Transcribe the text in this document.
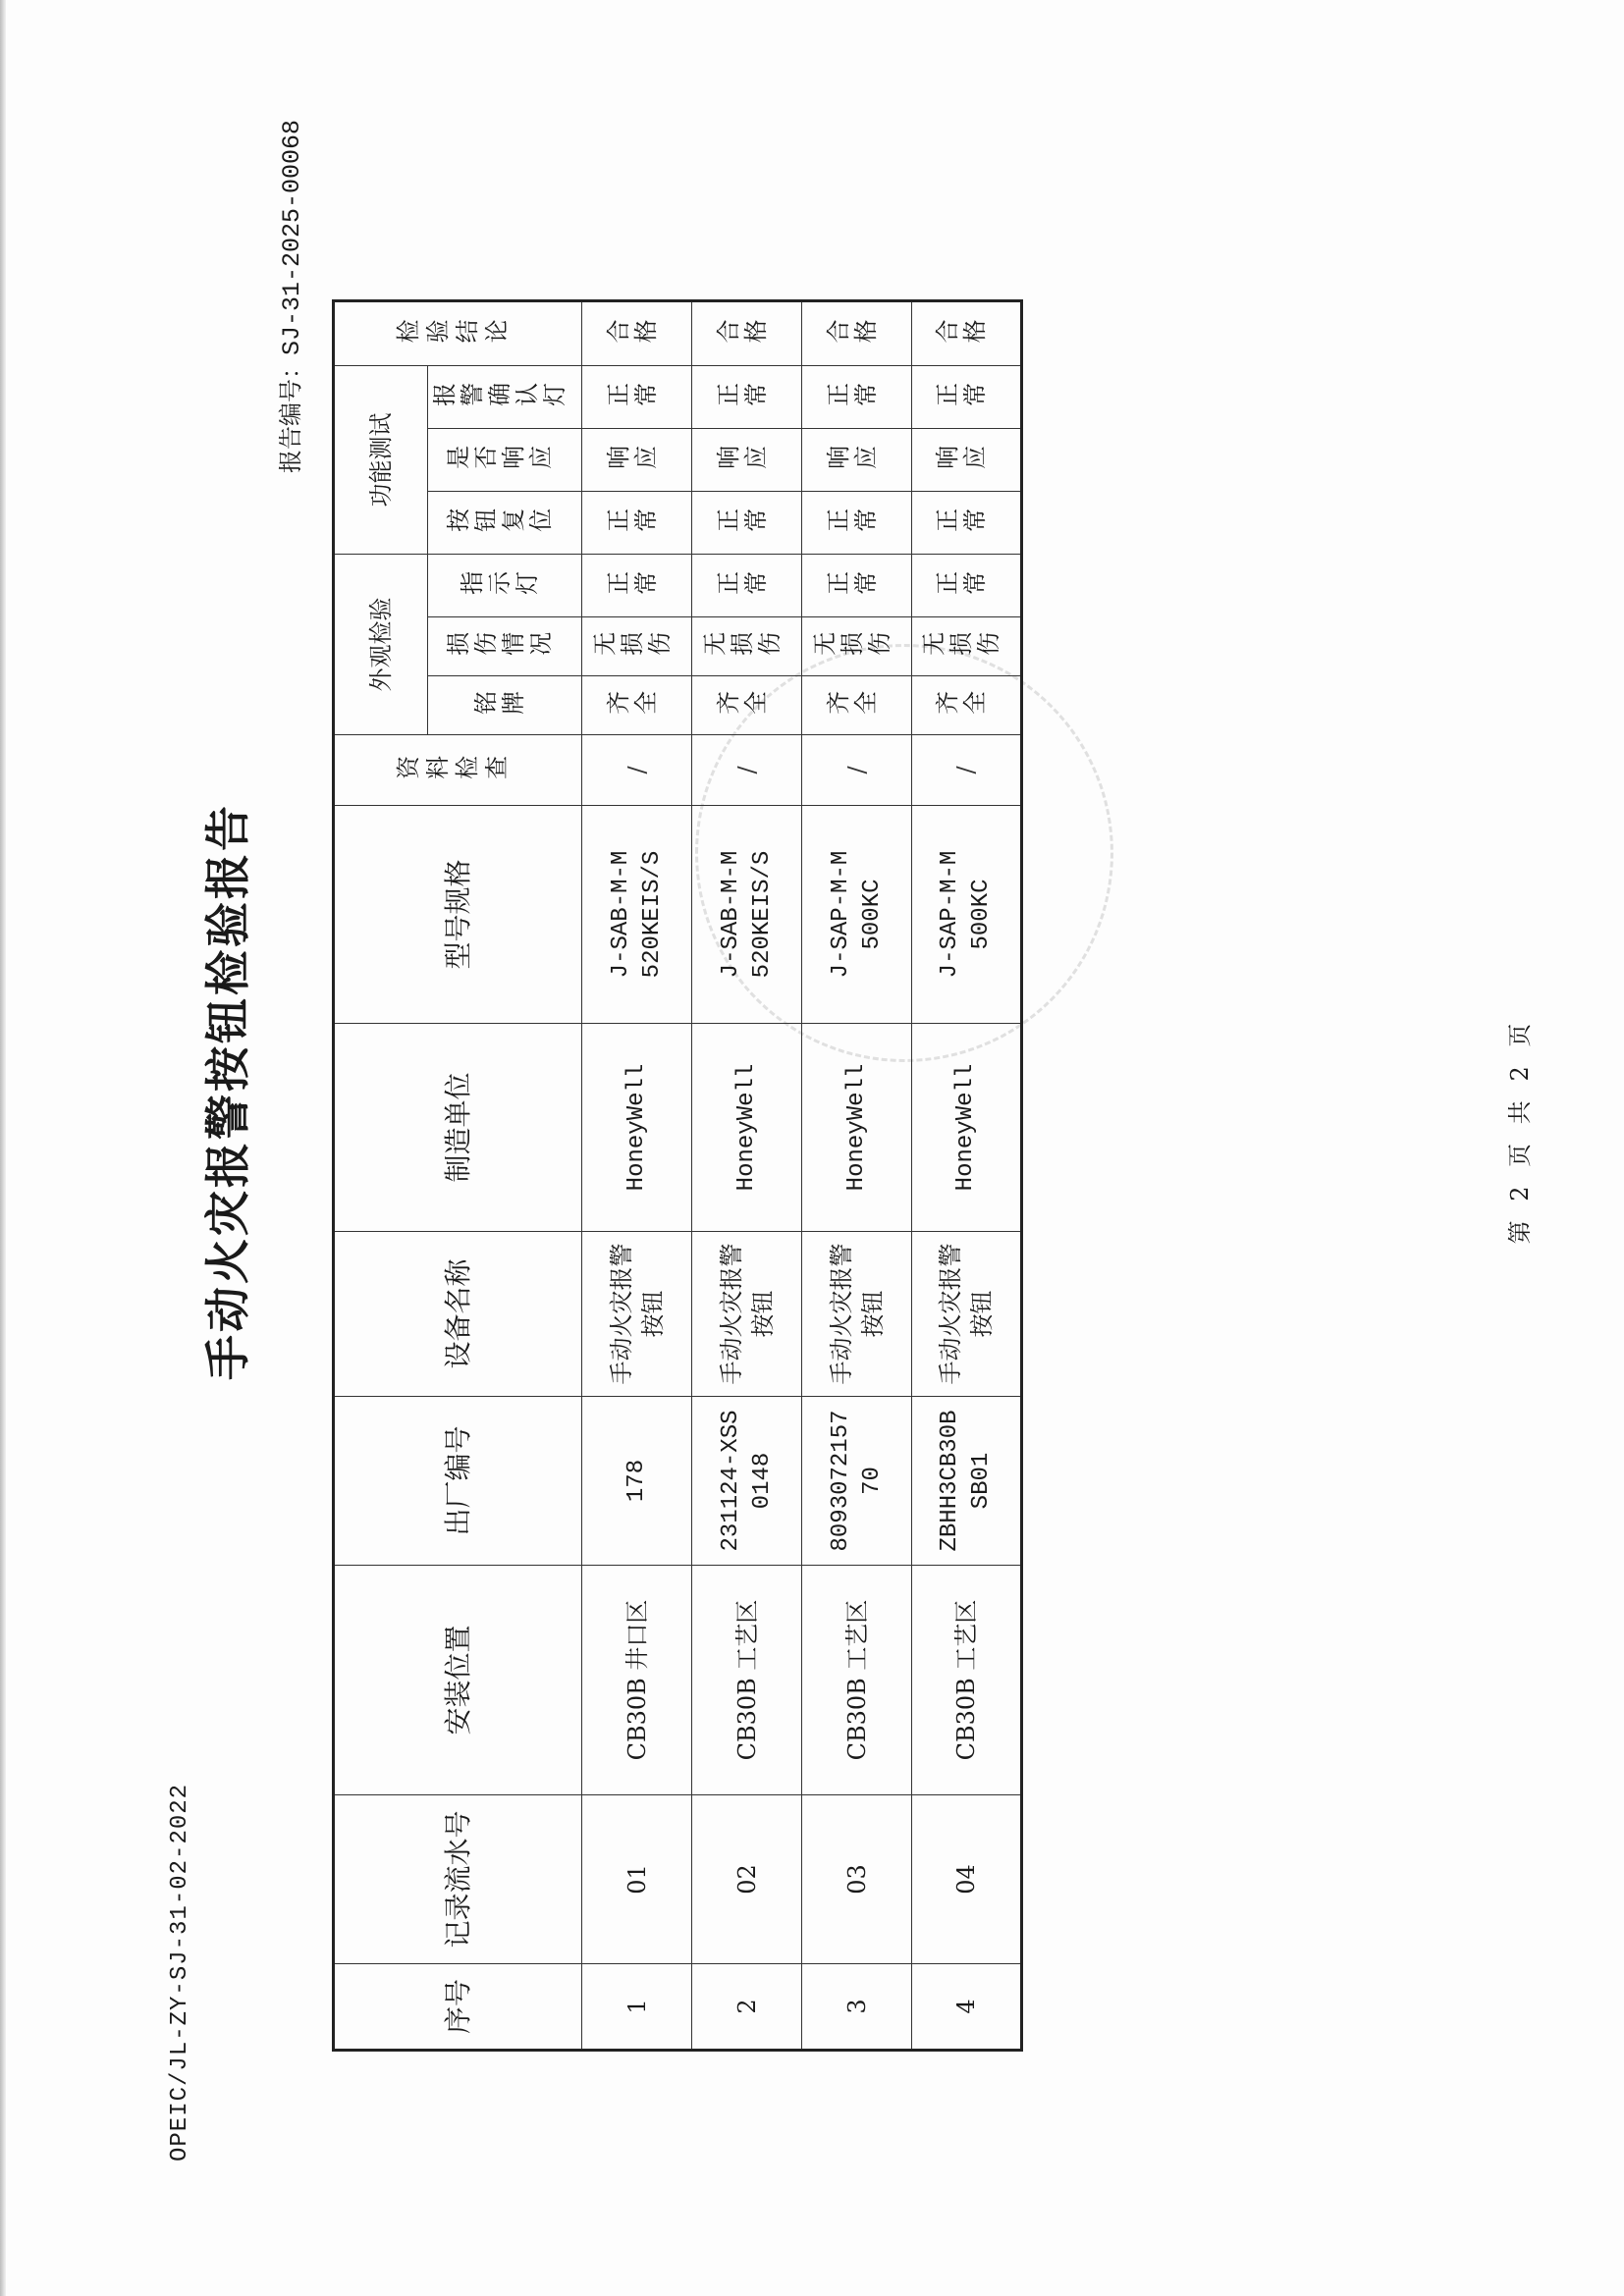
OPEIC/JL-ZY-SJ-31-02-2022
手动火灾报警按钮检验报告
报告编号：SJ-31-2025-00068
序号	记录流水号	安装位置	出厂编号	设备名称	制造单位	型号规格	资料检查	外观检验			功能测试			检验结论
								铭牌	损伤情况	指示灯	按钮复位	是否响应	报警确认灯	
1	01	CB30B 井口区	178	手动火灾报警按钮	HoneyWell	J-SAB-M-M 520KEIS/S	/	齐全	无损伤	正常	正常	响应	正常	合格
2	02	CB30B 工艺区	231124-XSS 0148	手动火灾报警按钮	HoneyWell	J-SAB-M-M 520KEIS/S	/	齐全	无损伤	正常	正常	响应	正常	合格
3	03	CB30B 工艺区	8093072157 70	手动火灾报警按钮	HoneyWell	J-SAP-M-M 500KC	/	齐全	无损伤	正常	正常	响应	正常	合格
4	04	CB30B 工艺区	ZBHH3CB30B SB01	手动火灾报警按钮	HoneyWell	J-SAP-M-M 500KC	/	齐全	无损伤	正常	正常	响应	正常	合格
第 2 页 共 2 页
